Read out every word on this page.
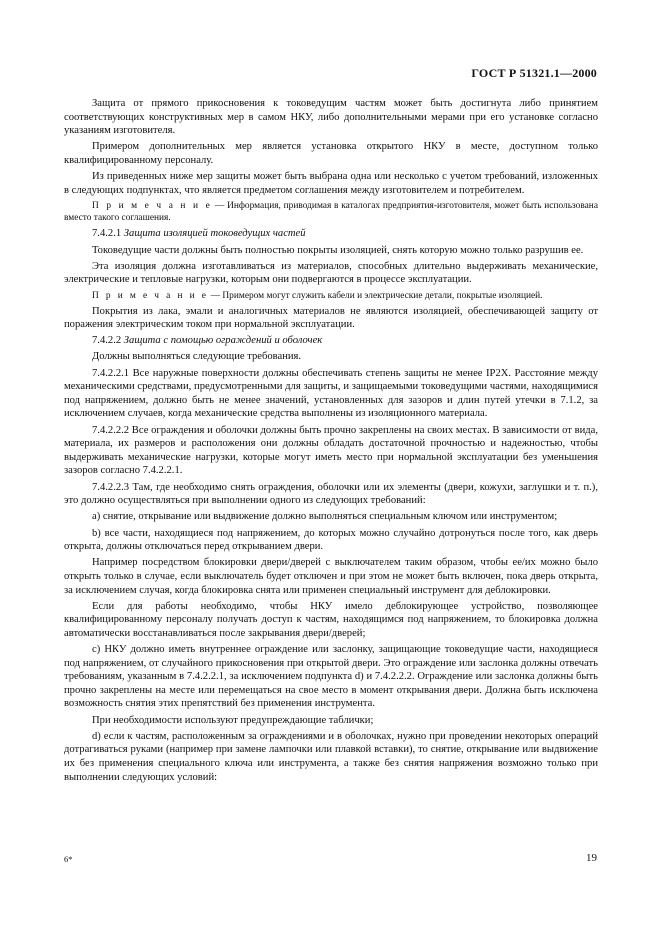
ГОСТ Р 51321.1—2000

Защита от прямого прикосновения к токоведущим частям может быть достигнута либо принятием соответствующих конструктивных мер в самом НКУ, либо дополнительными мерами при его установке согласно указаниям изготовителя.

Примером дополнительных мер является установка открытого НКУ в месте, доступном только квалифицированному персоналу.

Из приведенных ниже мер защиты может быть выбрана одна или несколько с учетом требований, изложенных в следующих подпунктах, что является предметом соглашения между изготовителем и потребителем.

П р и м е ч а н и е — Информация, приводимая в каталогах предприятия-изготовителя, может быть использована вместо такого соглашения.

7.4.2.1 Защита изоляцией токоведущих частей

Токоведущие части должны быть полностью покрыты изоляцией, снять которую можно только разрушив ее.

Эта изоляция должна изготавливаться из материалов, способных длительно выдерживать механические, электрические и тепловые нагрузки, которым они подвергаются в процессе эксплуатации.

П р и м е ч а н и е — Примером могут служить кабели и электрические детали, покрытые изоляцией.

Покрытия из лака, эмали и аналогичных материалов не являются изоляцией, обеспечивающей защиту от поражения электрическим током при нормальной эксплуатации.

7.4.2.2 Защита с помощью ограждений и оболочек

Должны выполняться следующие требования.

7.4.2.2.1 Все наружные поверхности должны обеспечивать степень защиты не менее IP2X. Расстояние между механическими средствами, предусмотренными для защиты, и защищаемыми токоведущими частями, находящимися под напряжением, должно быть не менее значений, установленных для зазоров и длин путей утечки в 7.1.2, за исключением случаев, когда механические средства выполнены из изоляционного материала.

7.4.2.2.2 Все ограждения и оболочки должны быть прочно закреплены на своих местах. В зависимости от вида, материала, их размеров и расположения они должны обладать достаточной прочностью и надежностью, чтобы выдерживать механические нагрузки, которые могут иметь место при нормальной эксплуатации без уменьшения зазоров согласно 7.4.2.2.1.

7.4.2.2.3 Там, где необходимо снять ограждения, оболочки или их элементы (двери, кожухи, заглушки и т. п.), это должно осуществляться при выполнении одного из следующих требований:

а) снятие, открывание или выдвижение должно выполняться специальным ключом или инструментом;

b) все части, находящиеся под напряжением, до которых можно случайно дотронуться после того, как дверь открыта, должны отключаться перед открыванием двери.

Например посредством блокировки двери/дверей с выключателем таким образом, чтобы ее/их можно было открыть только в случае, если выключатель будет отключен и при этом не может быть включен, пока дверь открыта, за исключением случая, когда блокировка снята или применен специальный инструмент для деблокировки.

Если для работы необходимо, чтобы НКУ имело деблокирующее устройство, позволяющее квалифицированному персоналу получать доступ к частям, находящимся под напряжением, то блокировка должна автоматически восстанавливаться после закрывания двери/дверей;

с) НКУ должно иметь внутреннее ограждение или заслонку, защищающие токоведущие части, находящиеся под напряжением, от случайного прикосновения при открытой двери. Это ограждение или заслонка должны отвечать требованиям, указанным в 7.4.2.2.1, за исключением подпункта d) и 7.4.2.2.2. Ограждение или заслонка должны быть прочно закреплены на месте или перемещаться на свое место в момент открывания двери. Должна быть исключена возможность снятия этих препятствий без применения инструмента.

При необходимости используют предупреждающие таблички;

d) если к частям, расположенным за ограждениями и в оболочках, нужно при проведении некоторых операций дотрагиваться руками (например при замене лампочки или плавкой вставки), то снятие, открывание или выдвижение их без применения специального ключа или инструмента, а также без снятия напряжения возможно только при выполнении следующих условий:

6*	19
